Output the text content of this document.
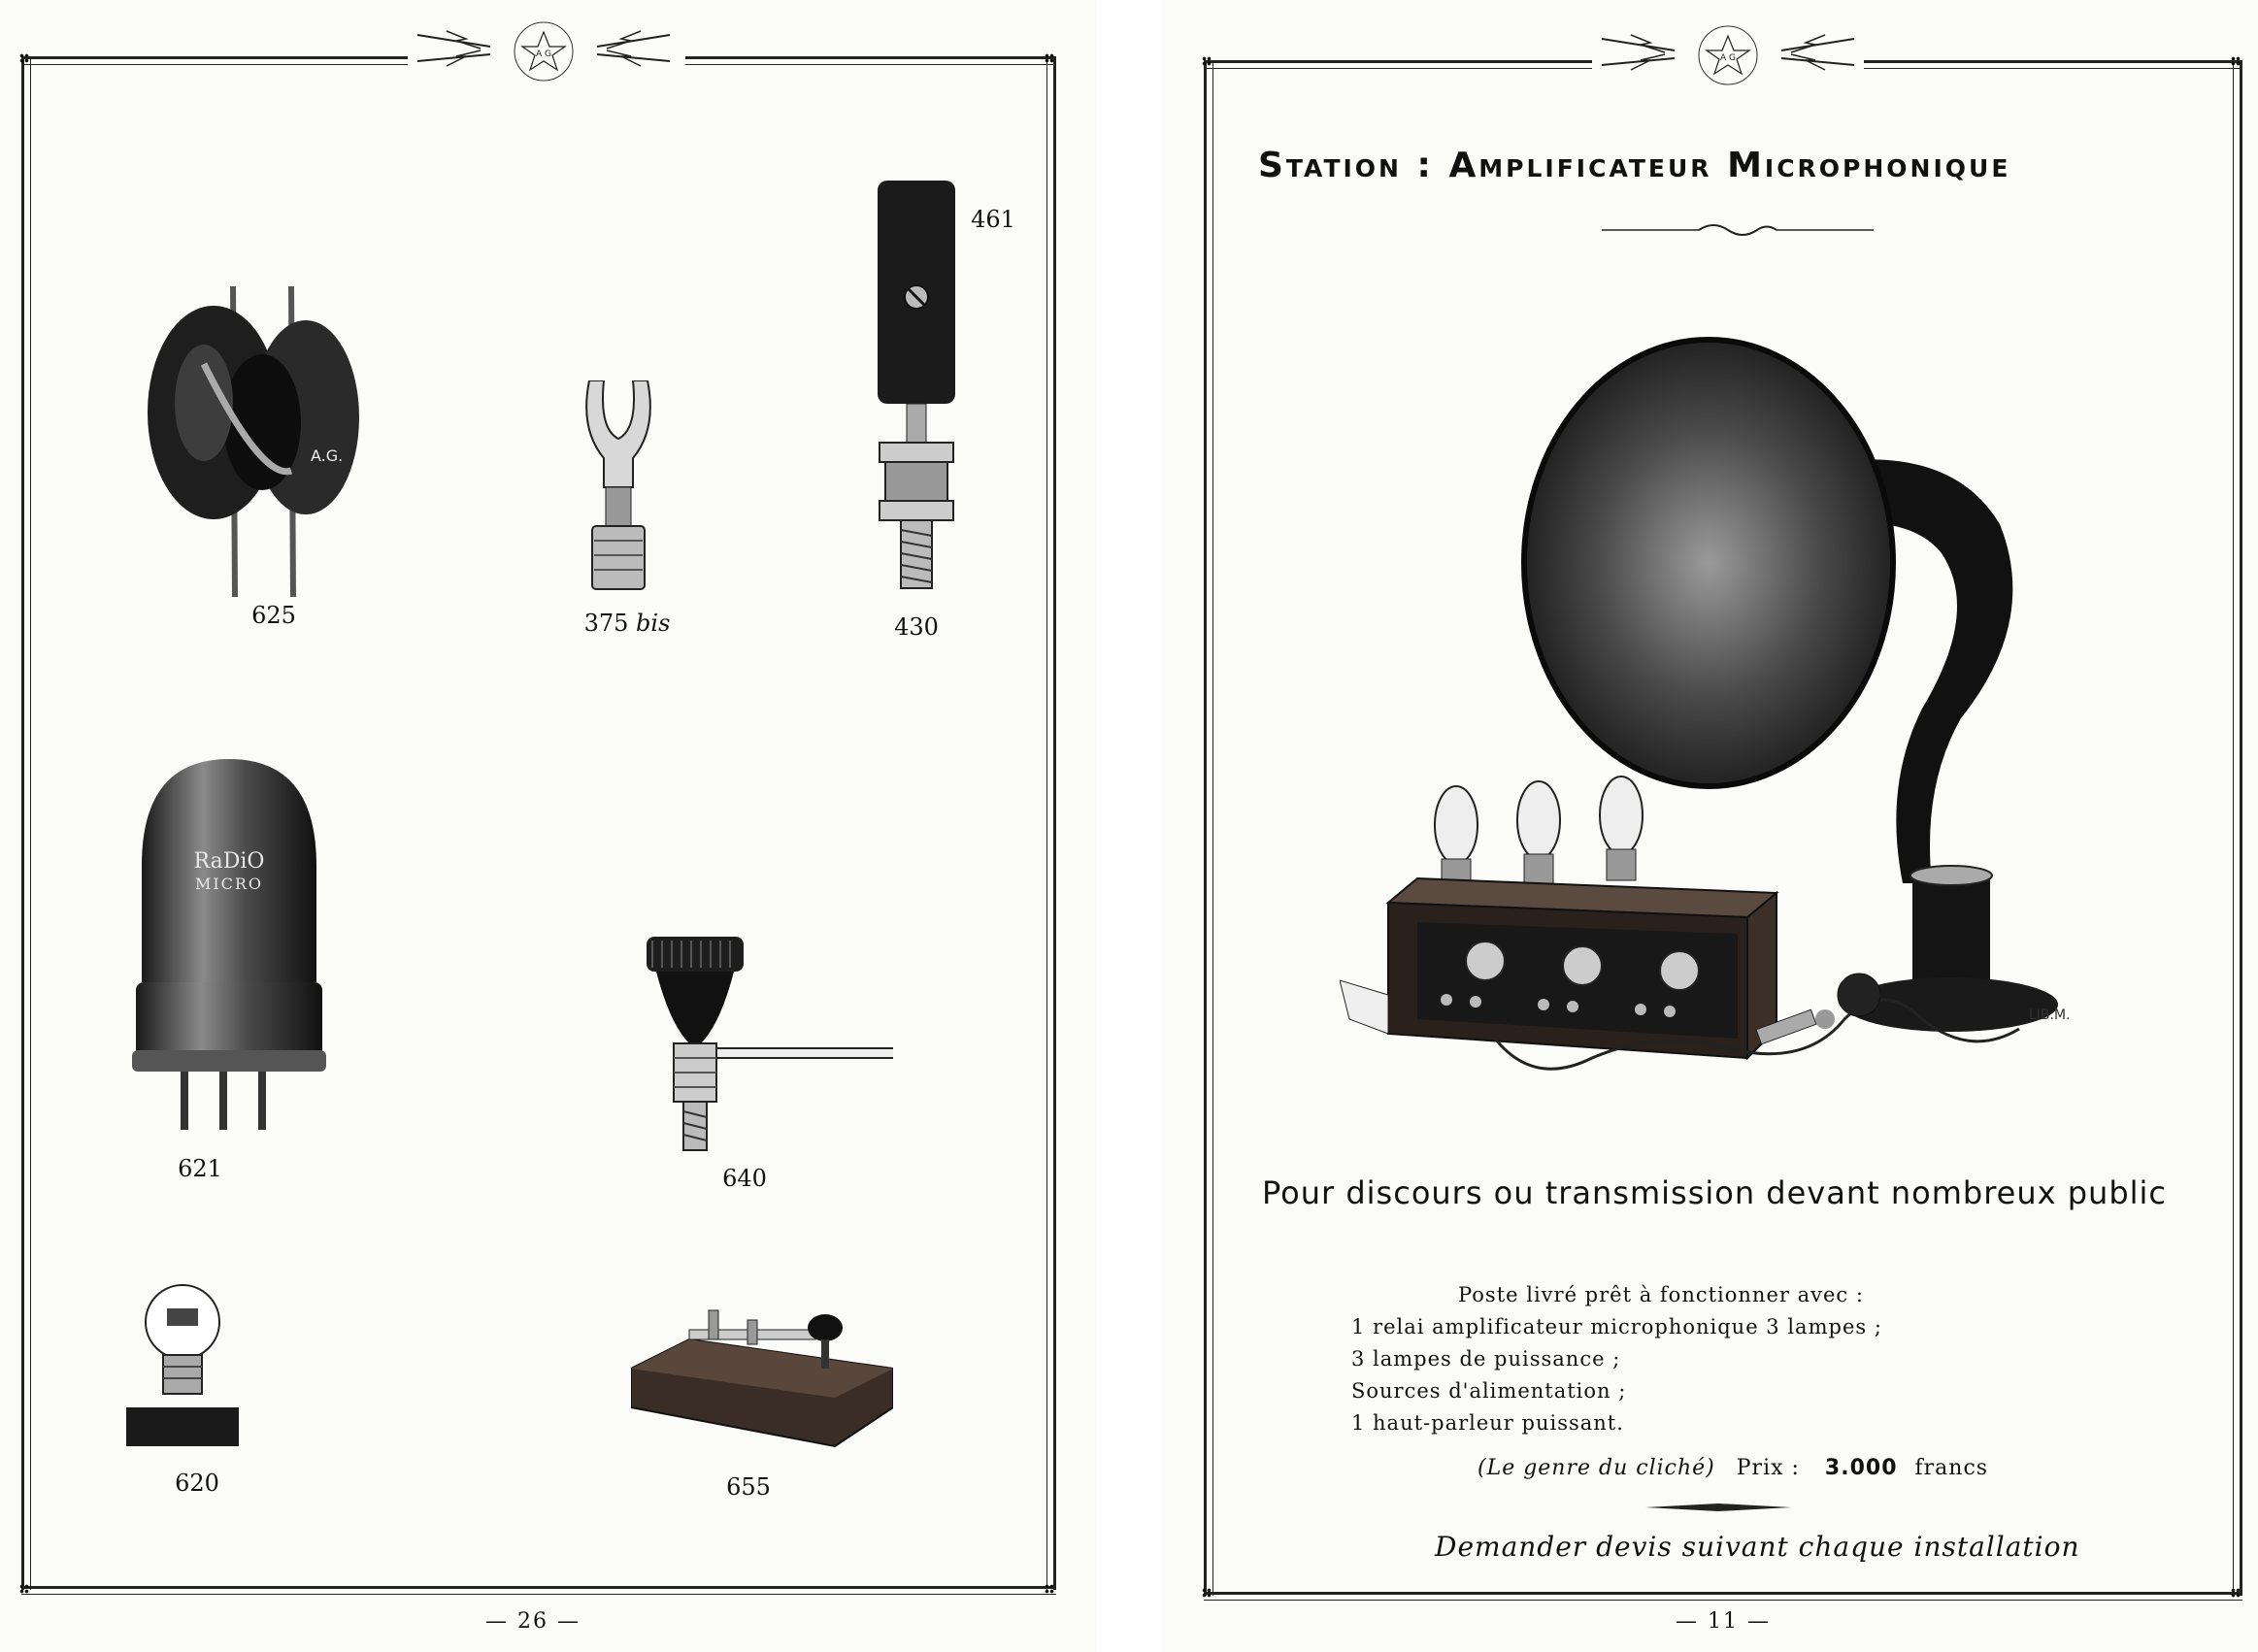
A G
A.G.
625	375 bis
461
430
RaDiO
MICRO
621	640
620	655
— 26 —
A G
Station : Amplificateur Microphonique
LIB.M.
Pour discours ou transmission devant nombreux public
Poste livré prêt à fonctionner avec :
1 relai amplificateur microphonique 3 lampes ;
3 lampes de puissance ;
Sources d'alimentation ;
1 haut-parleur puissant.
(Le genre du cliché) Prix : 3.000 francs
Demander devis suivant chaque installation
— 11 —
